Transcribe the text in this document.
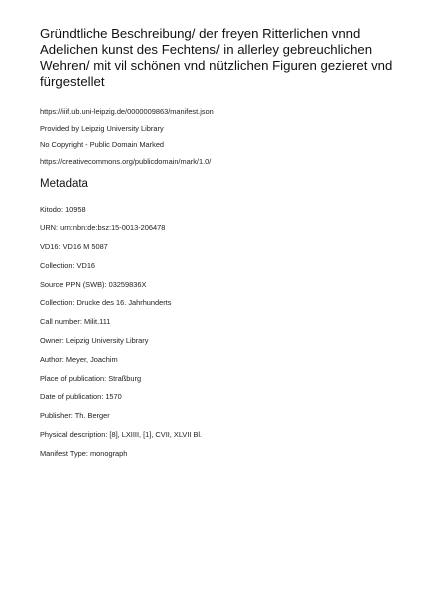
Gründtliche Beschreibung/ der freyen Ritterlichen vnnd Adelichen kunst des Fechtens/ in allerley gebreuchlichen Wehren/ mit vil schönen vnd nützlichen Figuren gezieret vnd fürgestellet

https://iiif.ub.uni-leipzig.de/0000009863/manifest.json

Provided by Leipzig University Library

No Copyright - Public Domain Marked

https://creativecommons.org/publicdomain/mark/1.0/

Metadata
Kitodo: 10958
URN: urn:nbn:de:bsz:15-0013-206478
VD16: VD16 M 5087
Collection: VD16
Source PPN (SWB): 03259836X
Collection: Drucke des 16. Jahrhunderts
Call number: Milit.111
Owner: Leipzig University Library
Author: Meyer, Joachim
Place of publication: Straßburg
Date of publication: 1570
Publisher: Th. Berger
Physical description: [8], LXIIII, [1], CVII, XLVII Bl.
Manifest Type: monograph
